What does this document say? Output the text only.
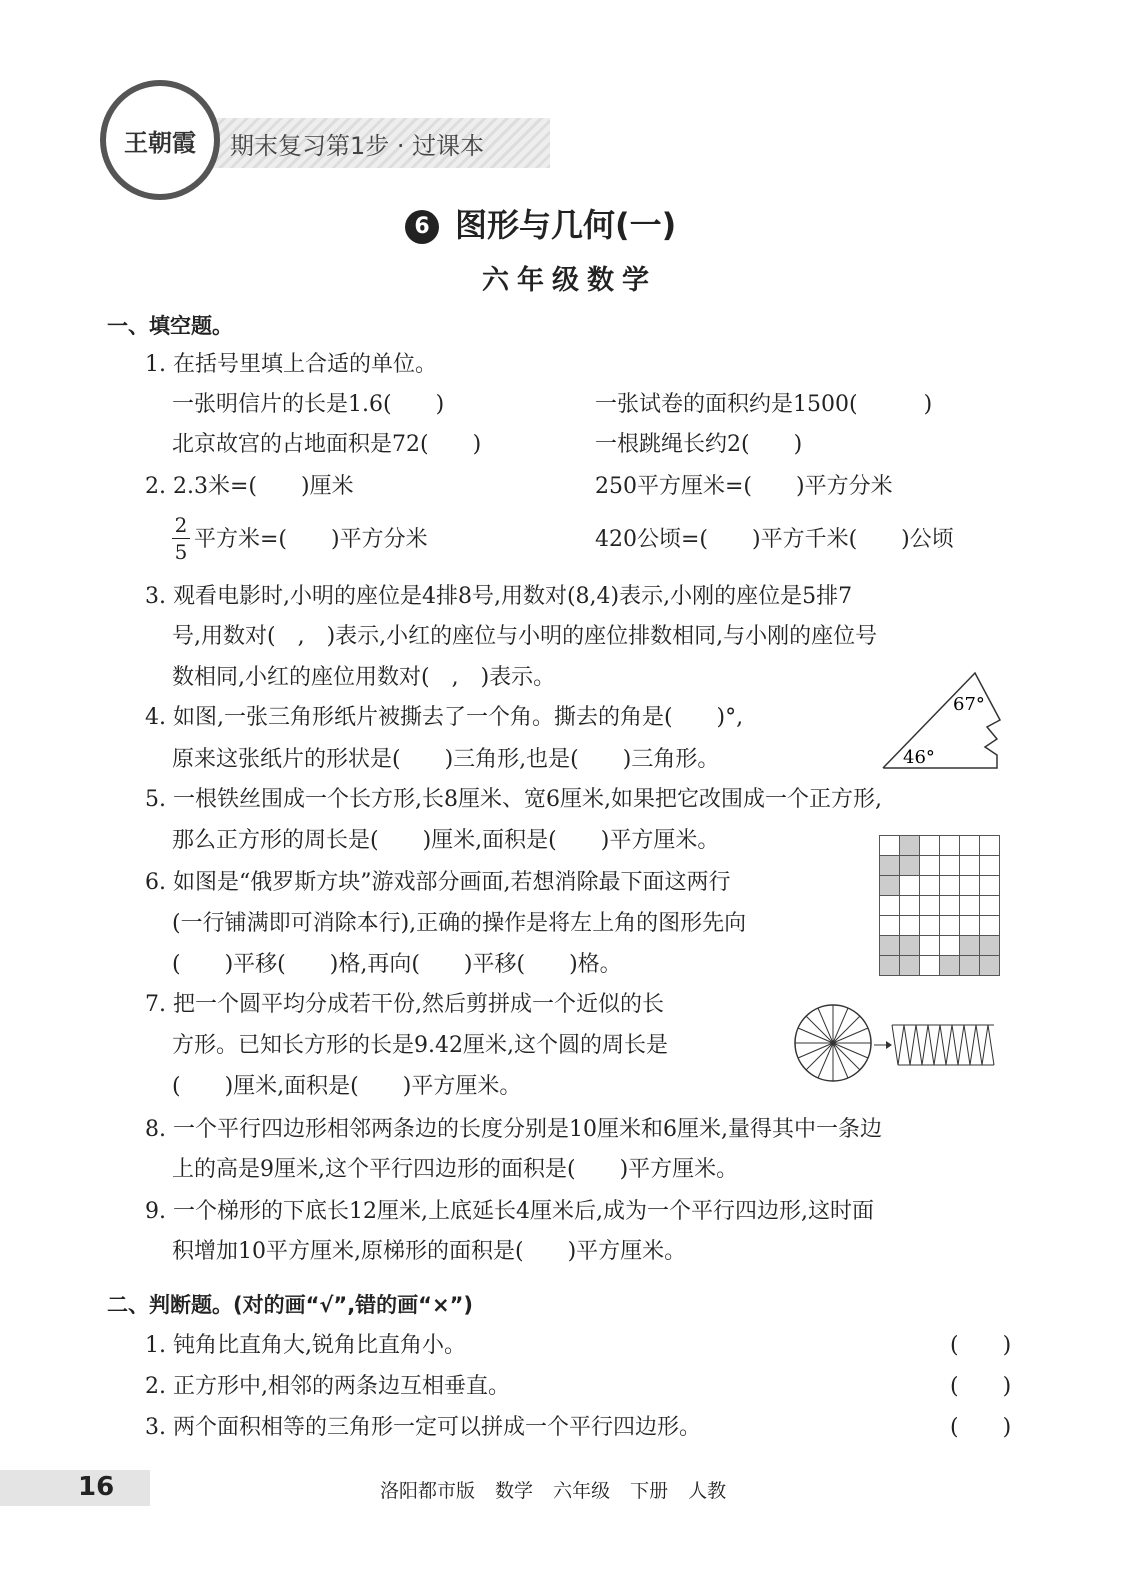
期末复习第1步 · 过课本
王朝霞
6 图形与几何(一)
六年级数学
一、填空题。
1. 在括号里填上合适的单位。
一张明信片的长是1.6(　　)	一张试卷的面积约是1500(　　　)
北京故宫的占地面积是72(　　)	一根跳绳长约2(　　)
2. 2.3米=(　　)厘米	250平方厘米=(　　)平方分米
$\frac{2}{5}$ 平方米=(　　)平方分米	420公顷=(　　)平方千米(　　)公顷
3. 观看电影时,小明的座位是4排8号,用数对(8,4)表示,小刚的座位是5排7
号,用数对(　,　)表示,小红的座位与小明的座位排数相同,与小刚的座位号
数相同,小红的座位用数对(　,　)表示。
4. 如图,一张三角形纸片被撕去了一个角。撕去的角是(　　)°,
原来这张纸片的形状是(　　)三角形,也是(　　)三角形。
67°
46°
5. 一根铁丝围成一个长方形,长8厘米、宽6厘米,如果把它改围成一个正方形,
那么正方形的周长是(　　)厘米,面积是(　　)平方厘米。
6. 如图是“俄罗斯方块”游戏部分画面,若想消除最下面这两行
(一行铺满即可消除本行),正确的操作是将左上角的图形先向
(　　)平移(　　)格,再向(　　)平移(　　)格。

7. 把一个圆平均分成若干份,然后剪拼成一个近似的长
方形。已知长方形的长是9.42厘米,这个圆的周长是
(　　)厘米,面积是(　　)平方厘米。
8. 一个平行四边形相邻两条边的长度分别是10厘米和6厘米,量得其中一条边
上的高是9厘米,这个平行四边形的面积是(　　)平方厘米。
9. 一个梯形的下底长12厘米,上底延长4厘米后,成为一个平行四边形,这时面
积增加10平方厘米,原梯形的面积是(　　)平方厘米。
二、判断题。(对的画“√”,错的画“×”)
1. 钝角比直角大,锐角比直角小。	(　　)
2. 正方形中,相邻的两条边互相垂直。	(　　)
3. 两个面积相等的三角形一定可以拼成一个平行四边形。	(　　)
16	洛阳都市版 数学 六年级 下册 人教
